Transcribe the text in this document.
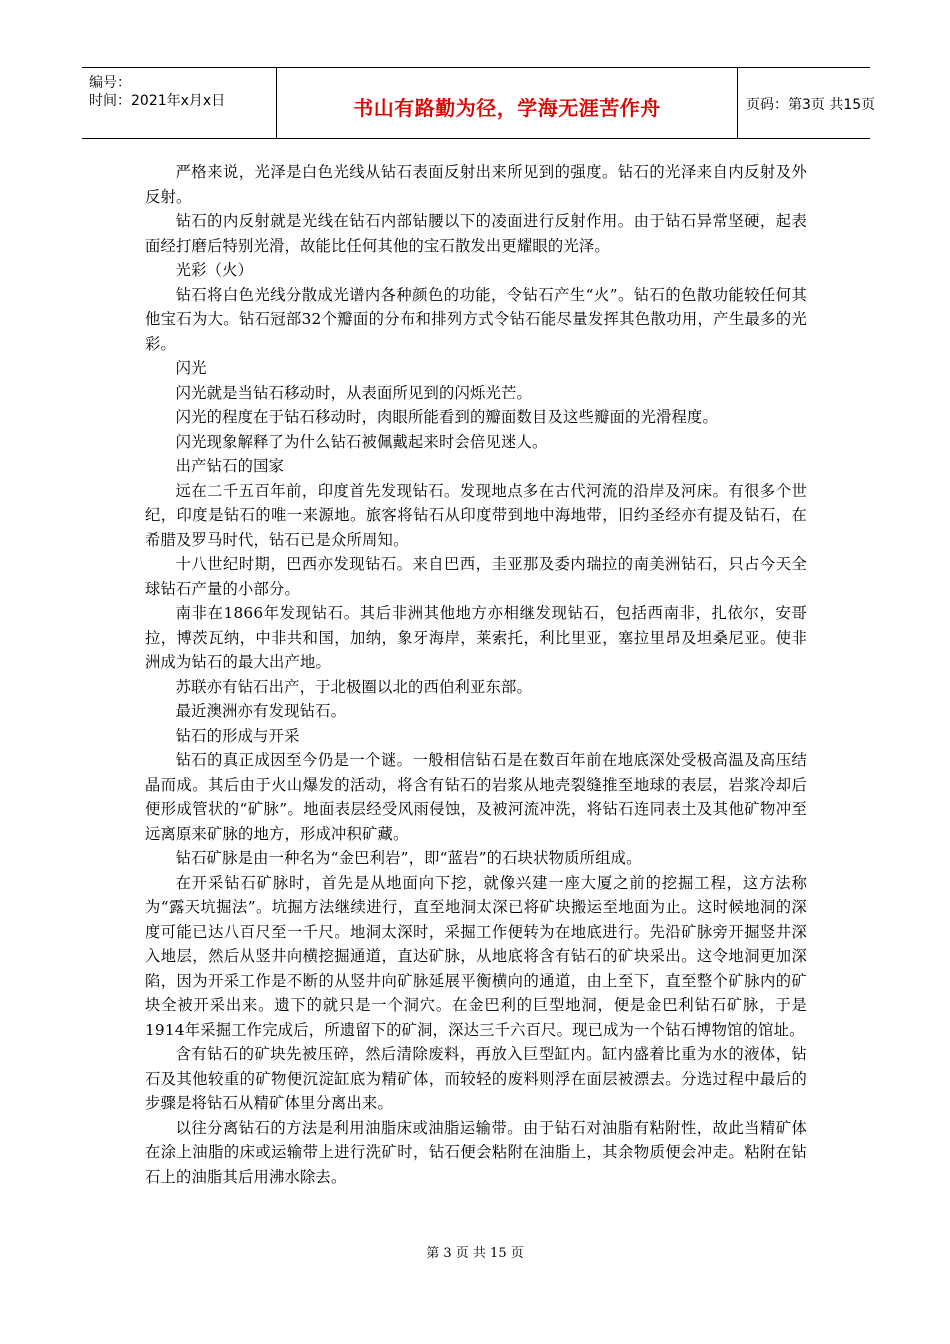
编号：
时间：2021年x月x日	书山有路勤为径，学海无涯苦作舟	页码：第3页 共15页

严格来说，光泽是白色光线从钻石表面反射出来所见到的强度。钻石的光泽来自内反射及外反射。

钻石的内反射就是光线在钻石内部钻腰以下的凌面进行反射作用。由于钻石异常坚硬，起表面经打磨后特别光滑，故能比任何其他的宝石散发出更耀眼的光泽。

光彩（火）

钻石将白色光线分散成光谱内各种颜色的功能，令钻石产生“火”。钻石的色散功能较任何其他宝石为大。钻石冠部32个瓣面的分布和排列方式令钻石能尽量发挥其色散功用，产生最多的光彩。

闪光

闪光就是当钻石移动时，从表面所见到的闪烁光芒。

闪光的程度在于钻石移动时，肉眼所能看到的瓣面数目及这些瓣面的光滑程度。

闪光现象解释了为什么钻石被佩戴起来时会倍见迷人。

出产钻石的国家

远在二千五百年前，印度首先发现钻石。发现地点多在古代河流的沿岸及河床。有很多个世纪，印度是钻石的唯一来源地。旅客将钻石从印度带到地中海地带，旧约圣经亦有提及钻石，在希腊及罗马时代，钻石已是众所周知。

十八世纪时期，巴西亦发现钻石。来自巴西，圭亚那及委内瑞拉的南美洲钻石，只占今天全球钻石产量的小部分。

南非在1866年发现钻石。其后非洲其他地方亦相继发现钻石，包括西南非，扎依尔，安哥拉，博茨瓦纳，中非共和国，加纳，象牙海岸，莱索托，利比里亚，塞拉里昂及坦桑尼亚。使非洲成为钻石的最大出产地。

苏联亦有钻石出产，于北极圈以北的西伯利亚东部。

最近澳洲亦有发现钻石。

钻石的形成与开采

钻石的真正成因至今仍是一个谜。一般相信钻石是在数百年前在地底深处受极高温及高压结晶而成。其后由于火山爆发的活动，将含有钻石的岩浆从地壳裂缝推至地球的表层，岩浆冷却后便形成管状的“矿脉”。地面表层经受风雨侵蚀，及被河流冲洗，将钻石连同表土及其他矿物冲至远离原来矿脉的地方，形成冲积矿藏。

钻石矿脉是由一种名为“金巴利岩”，即“蓝岩”的石块状物质所组成。

在开采钻石矿脉时，首先是从地面向下挖，就像兴建一座大厦之前的挖掘工程，这方法称为“露天坑掘法”。坑掘方法继续进行，直至地洞太深已将矿块搬运至地面为止。这时候地洞的深度可能已达八百尺至一千尺。地洞太深时，采掘工作便转为在地底进行。先沿矿脉旁开掘竖井深入地层，然后从竖井向横挖掘通道，直达矿脉，从地底将含有钻石的矿块采出。这令地洞更加深陷，因为开采工作是不断的从竖井向矿脉延展平衡横向的通道，由上至下，直至整个矿脉内的矿块全被开采出来。遗下的就只是一个洞穴。在金巴利的巨型地洞，便是金巴利钻石矿脉，于是1914年采掘工作完成后，所遗留下的矿洞，深达三千六百尺。现已成为一个钻石博物馆的馆址。

含有钻石的矿块先被压碎，然后清除废料，再放入巨型缸内。缸内盛着比重为水的液体，钻石及其他较重的矿物便沉淀缸底为精矿体，而较轻的废料则浮在面层被漂去。分选过程中最后的步骤是将钻石从精矿体里分离出来。

以往分离钻石的方法是利用油脂床或油脂运输带。由于钻石对油脂有粘附性，故此当精矿体在涂上油脂的床或运输带上进行洗矿时，钻石便会粘附在油脂上，其余物质便会冲走。粘附在钻石上的油脂其后用沸水除去。

第 3 页 共 15 页
